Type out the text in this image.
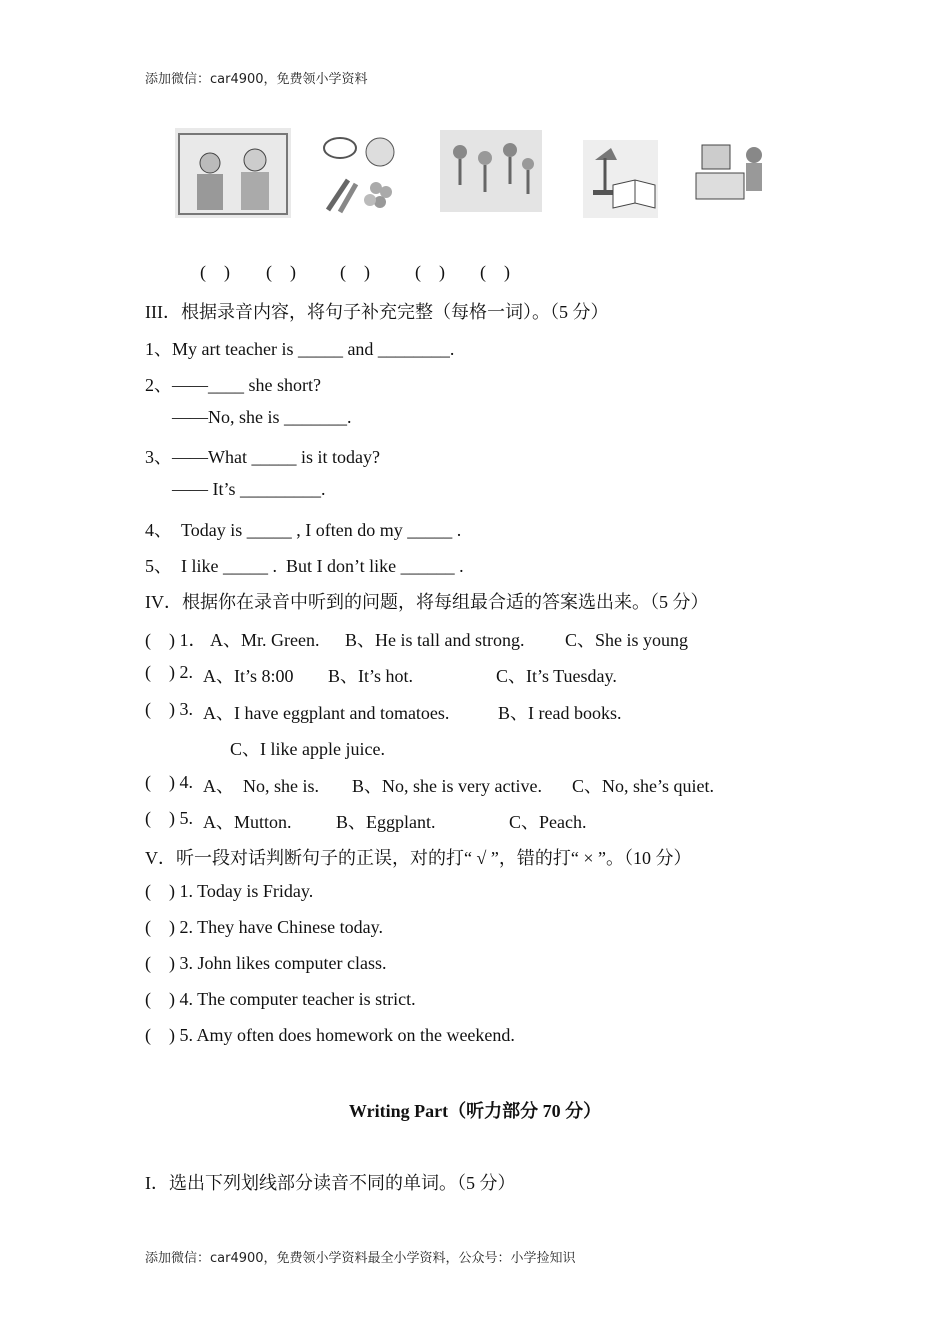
添加微信：car4900，免费领小学资料
(    ) (    ) (    )	(    ) (    )
III．根据录音内容，将句子补充完整（每格一词）。（5 分）
1、My art teacher is _____ and ________.
2、——____ she short?
——No, she is _______.
3、——What _____ is it today?
—— It’s _________.
4、  Today is _____ , I often do my _____ .
5、  I like _____ .  But I don’t like ______ .
IV．根据你在录音中听到的问题，将每组最合适的答案选出来。（5 分）
(    ) 1． A、Mr. Green. B、He is tall and strong. C、She is young
(    ) 2. A、It’s 8:00 B、It’s hot.	C、It’s Tuesday.
(    ) 3. A、I have eggplant and tomatoes.	B、I read books.
C、I like apple juice.
(    ) 4. A、  No, she is. B、No, she is very active. C、No, she’s quiet.
(    ) 5. A、Mutton. B、Eggplant.	C、Peach.
V．听一段对话判断句子的正误，对的打“ √ ”，错的打“ × ”。（10 分）
(    ) 1. Today is Friday.
(    ) 2. They have Chinese today.
(    ) 3. John likes computer class.
(    ) 4. The computer teacher is strict.
(    ) 5. Amy often does homework on the weekend.
Writing Part（听力部分 70 分）
I．选出下列划线部分读音不同的单词。（5 分）
添加微信：car4900，免费领小学资料最全小学资料，公众号：小学捡知识
